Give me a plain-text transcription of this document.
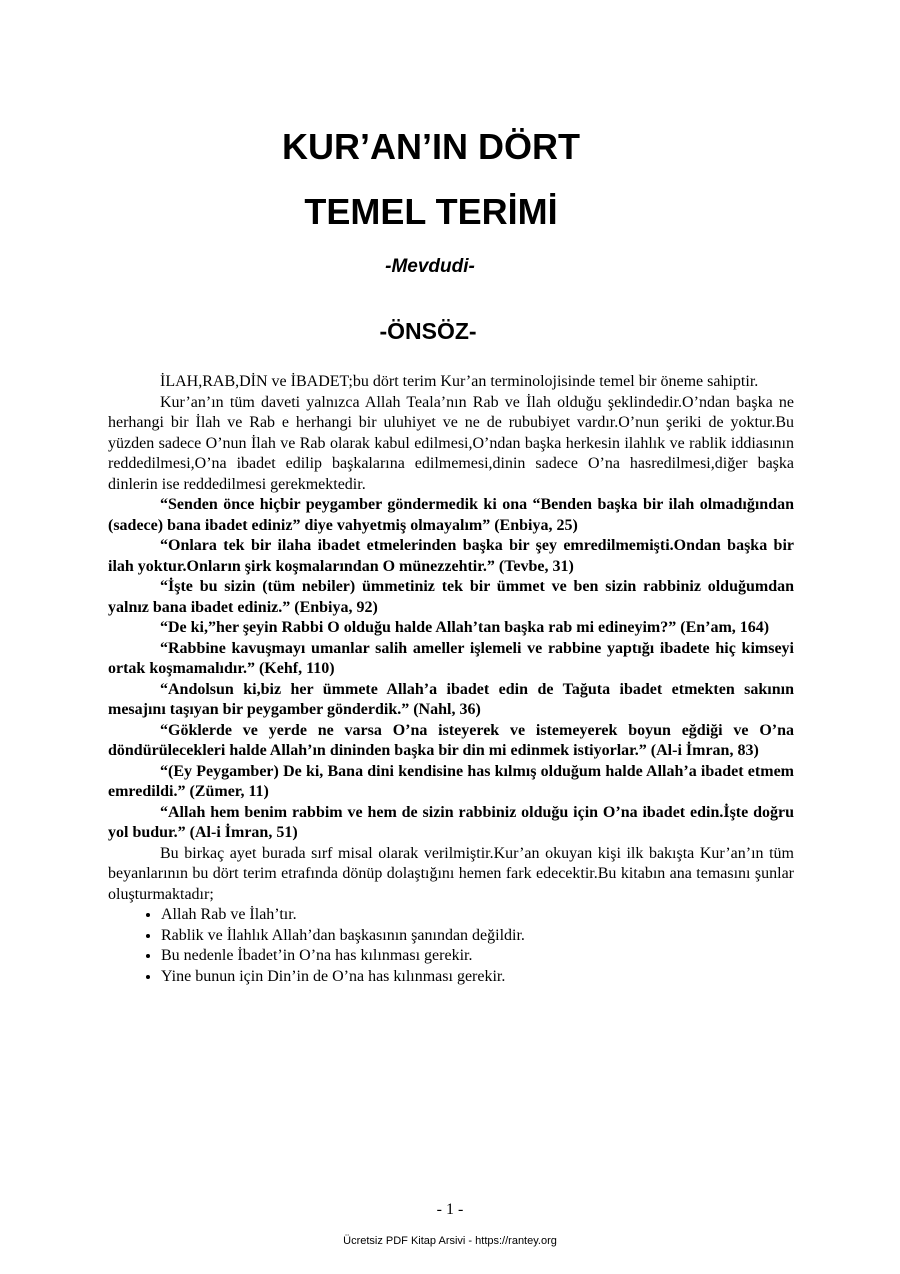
KUR’AN’IN DÖRT
TEMEL TERİMİ

-Mevdudi-

-ÖNSÖZ-

İLAH,RAB,DİN ve İBADET;bu dört terim Kur’an terminolojisinde temel bir öneme sahiptir.

Kur’an’ın tüm daveti yalnızca Allah Teala’nın Rab ve İlah olduğu şeklindedir.O’ndan başka ne herhangi bir İlah ve Rab e herhangi bir uluhiyet ve ne de rububiyet vardır.O’nun şeriki de yoktur.Bu yüzden sadece O’nun İlah ve Rab olarak kabul edilmesi,O’ndan başka herkesin ilahlık ve rablik iddiasının reddedilmesi,O’na ibadet edilip başkalarına edilmemesi,dinin sadece O’na hasredilmesi,diğer başka dinlerin ise reddedilmesi gerekmektedir.

“Senden önce hiçbir peygamber göndermedik ki ona “Benden başka bir ilah olmadığından (sadece) bana ibadet ediniz” diye vahyetmiş olmayalım” (Enbiya, 25)

“Onlara tek bir ilaha ibadet etmelerinden başka bir şey emredilmemişti.Ondan başka bir ilah yoktur.Onların şirk koşmalarından O münezzehtir.” (Tevbe, 31)

“İşte bu sizin (tüm nebiler) ümmetiniz tek bir ümmet ve ben sizin rabbiniz olduğumdan yalnız bana ibadet ediniz.” (Enbiya, 92)

“De ki,”her şeyin Rabbi O olduğu halde Allah’tan başka rab mi edineyim?” (En’am, 164)

“Rabbine kavuşmayı umanlar salih ameller işlemeli ve rabbine yaptığı ibadete hiç kimseyi ortak koşmamalıdır.” (Kehf, 110)

“Andolsun ki,biz her ümmete Allah’a ibadet edin de Tağuta ibadet etmekten sakının mesajını taşıyan bir peygamber gönderdik.” (Nahl, 36)

“Göklerde ve yerde ne varsa O’na isteyerek ve istemeyerek boyun eğdiği ve O’na döndürülecekleri halde Allah’ın dininden başka bir din mi edinmek istiyorlar.” (Al-i İmran, 83)

“(Ey Peygamber) De ki, Bana dini kendisine has kılmış olduğum halde Allah’a ibadet etmem emredildi.” (Zümer, 11)

“Allah hem benim rabbim ve hem de sizin rabbiniz olduğu için O’na ibadet edin.İşte doğru yol budur.” (Al-i İmran, 51)

Bu birkaç ayet burada sırf misal olarak verilmiştir.Kur’an okuyan kişi ilk bakışta Kur’an’ın tüm beyanlarının bu dört terim etrafında dönüp dolaştığını hemen fark edecektir.Bu kitabın ana temasını şunlar oluşturmaktadır;

• Allah Rab ve İlah’tır.
• Rablik ve İlahlık Allah’dan başkasının şanından değildir.
• Bu nedenle İbadet’in O’na has kılınması gerekir.
• Yine bunun için Din’in de O’na has kılınması gerekir.

- 1 -

Ücretsiz PDF Kitap Arsivi - https://rantey.org
